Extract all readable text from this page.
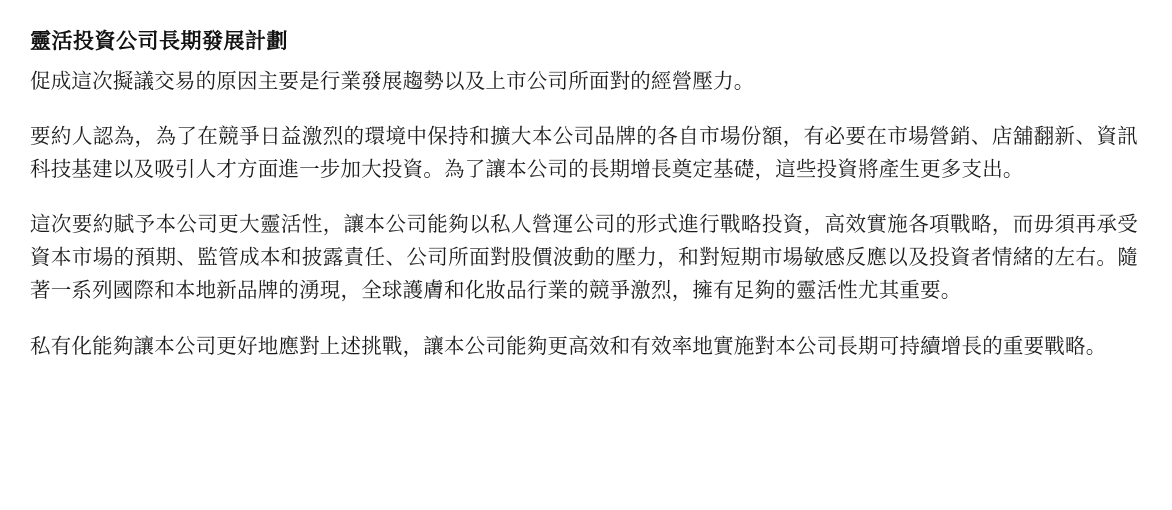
靈活投資公司長期發展計劃

促成這次擬議交易的原因主要是行業發展趨勢以及上市公司所面對的經營壓力。

要約人認為，為了在競爭日益激烈的環境中保持和擴大本公司品牌的各自市場份額，有必要在市場營銷、店舖翻新、資訊科技基建以及吸引人才方面進一步加大投資。為了讓本公司的長期增長奠定基礎，這些投資將產生更多支出。

這次要約賦予本公司更大靈活性，讓本公司能夠以私人營運公司的形式進行戰略投資，高效實施各項戰略，而毋須再承受資本市場的預期、監管成本和披露責任、公司所面對股價波動的壓力，和對短期市場敏感反應以及投資者情緒的左右。隨著一系列國際和本地新品牌的湧現，全球護膚和化妝品行業的競爭激烈，擁有足夠的靈活性尤其重要。

私有化能夠讓本公司更好地應對上述挑戰，讓本公司能夠更高效和有效率地實施對本公司長期可持續增長的重要戰略。
